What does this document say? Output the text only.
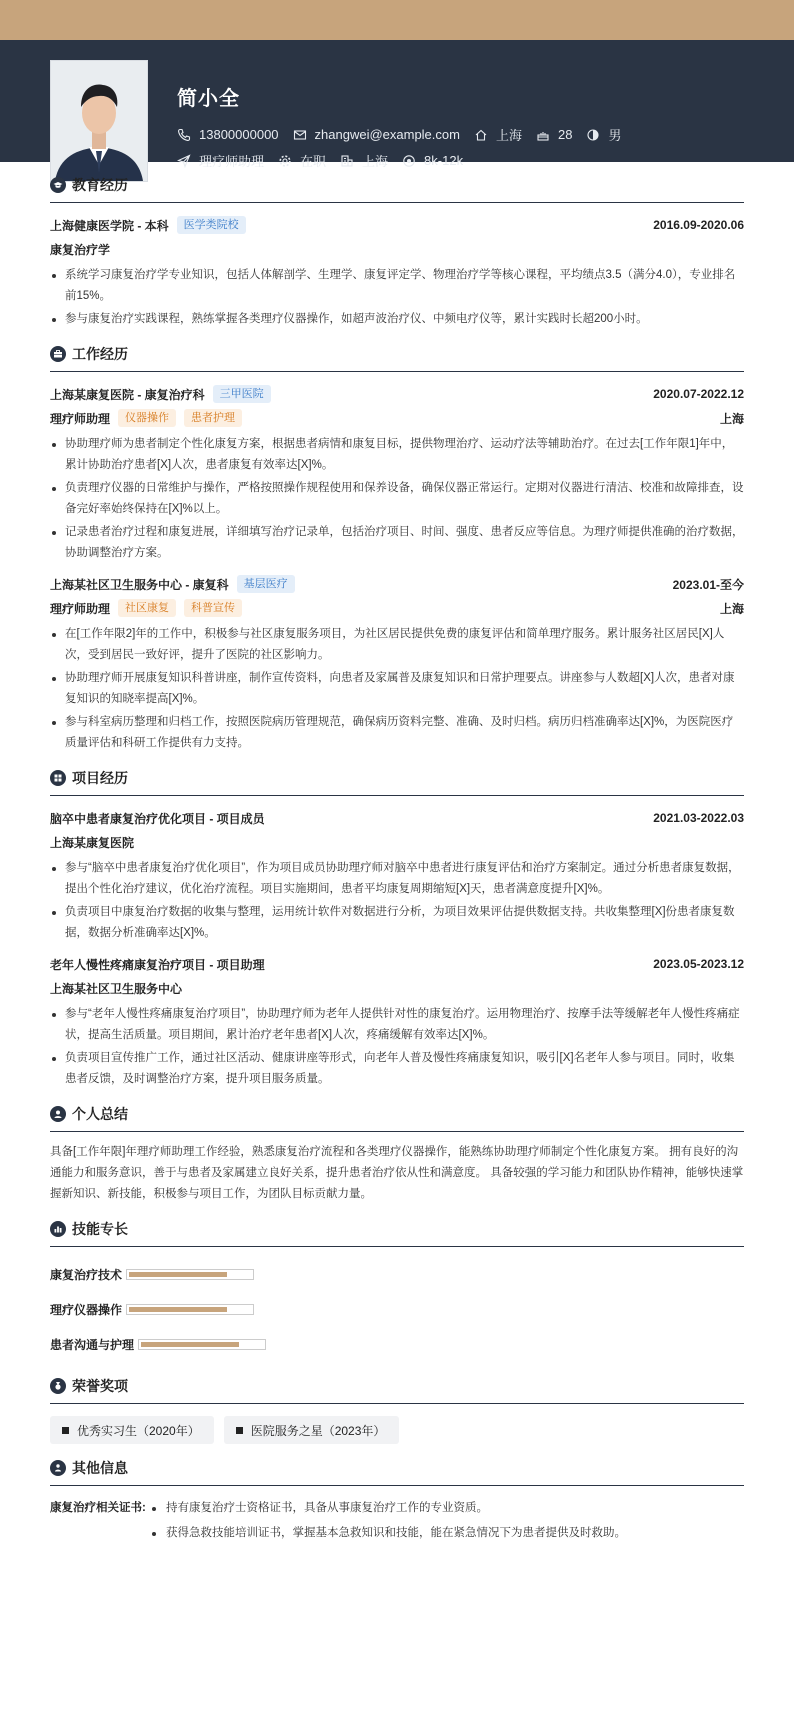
简小全
13800000000	zhangwei@example.com	上海	28	男
理疗师助理	在职	上海	8k-12k
教育经历
上海健康医学院 - 本科	医学类院校	2016.09-2020.06
康复治疗学
系统学习康复治疗学专业知识，包括人体解剖学、生理学、康复评定学、物理治疗学等核心课程，平均绩点3.5（满分4.0），专业排名前15%。
参与康复治疗实践课程，熟练掌握各类理疗仪器操作，如超声波治疗仪、中频电疗仪等，累计实践时长超200小时。
工作经历
上海某康复医院 - 康复治疗科	三甲医院	2020.07-2022.12
理疗师助理	仪器操作	患者护理	上海
协助理疗师为患者制定个性化康复方案，根据患者病情和康复目标，提供物理治疗、运动疗法等辅助治疗。在过去[工作年限1]年中，累计协助治疗患者[X]人次，患者康复有效率达[X]%。
负责理疗仪器的日常维护与操作，严格按照操作规程使用和保养设备，确保仪器正常运行。定期对仪器进行清洁、校准和故障排查，设备完好率始终保持在[X]%以上。
记录患者治疗过程和康复进展，详细填写治疗记录单，包括治疗项目、时间、强度、患者反应等信息。为理疗师提供准确的治疗数据，协助调整治疗方案。
上海某社区卫生服务中心 - 康复科	基层医疗	2023.01-至今
理疗师助理	社区康复	科普宣传	上海
在[工作年限2]年的工作中，积极参与社区康复服务项目，为社区居民提供免费的康复评估和简单理疗服务。累计服务社区居民[X]人次，受到居民一致好评，提升了医院的社区影响力。
协助理疗师开展康复知识科普讲座，制作宣传资料，向患者及家属普及康复知识和日常护理要点。讲座参与人数超[X]人次，患者对康复知识的知晓率提高[X]%。
参与科室病历整理和归档工作，按照医院病历管理规范，确保病历资料完整、准确、及时归档。病历归档准确率达[X]%，为医院医疗质量评估和科研工作提供有力支持。
项目经历
脑卒中患者康复治疗优化项目 - 项目成员	2021.03-2022.03
上海某康复医院
参与“脑卒中患者康复治疗优化项目”，作为项目成员协助理疗师对脑卒中患者进行康复评估和治疗方案制定。通过分析患者康复数据，提出个性化治疗建议，优化治疗流程。项目实施期间，患者平均康复周期缩短[X]天，患者满意度提升[X]%。
负责项目中康复治疗数据的收集与整理，运用统计软件对数据进行分析，为项目效果评估提供数据支持。共收集整理[X]份患者康复数据，数据分析准确率达[X]%。
老年人慢性疼痛康复治疗项目 - 项目助理	2023.05-2023.12
上海某社区卫生服务中心
参与“老年人慢性疼痛康复治疗项目”，协助理疗师为老年人提供针对性的康复治疗。运用物理治疗、按摩手法等缓解老年人慢性疼痛症状，提高生活质量。项目期间，累计治疗老年患者[X]人次，疼痛缓解有效率达[X]%。
负责项目宣传推广工作，通过社区活动、健康讲座等形式，向老年人普及慢性疼痛康复知识，吸引[X]名老年人参与项目。同时，收集患者反馈，及时调整治疗方案，提升项目服务质量。
个人总结
具备[工作年限]年理疗师助理工作经验，熟悉康复治疗流程和各类理疗仪器操作，能熟练协助理疗师制定个性化康复方案。 拥有良好的沟通能力和服务意识，善于与患者及家属建立良好关系，提升患者治疗依从性和满意度。 具备较强的学习能力和团队协作精神，能够快速掌握新知识、新技能，积极参与项目工作，为团队目标贡献力量。
技能专长
康复治疗技术
理疗仪器操作
患者沟通与护理
荣誉奖项
优秀实习生（2020年）	医院服务之星（2023年）
其他信息
康复治疗相关证书:	持有康复治疗士资格证书，具备从事康复治疗工作的专业资质。
获得急救技能培训证书，掌握基本急救知识和技能，能在紧急情况下为患者提供及时救助。
